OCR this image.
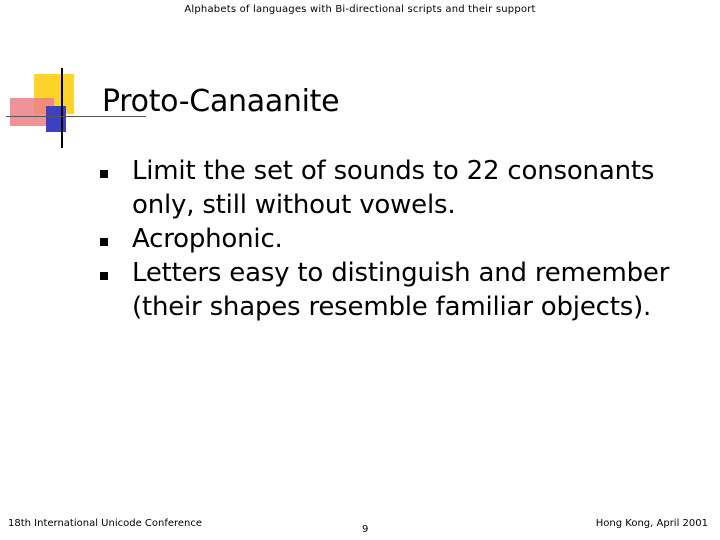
Alphabets of languages with Bi-directional scripts and their support
Proto-Canaanite
Limit the set of sounds to 22 consonants only, still without vowels.
Acrophonic.
Letters easy to distinguish and remember (their shapes resemble familiar objects).
18th International Unicode Conference
9
Hong Kong, April 2001
